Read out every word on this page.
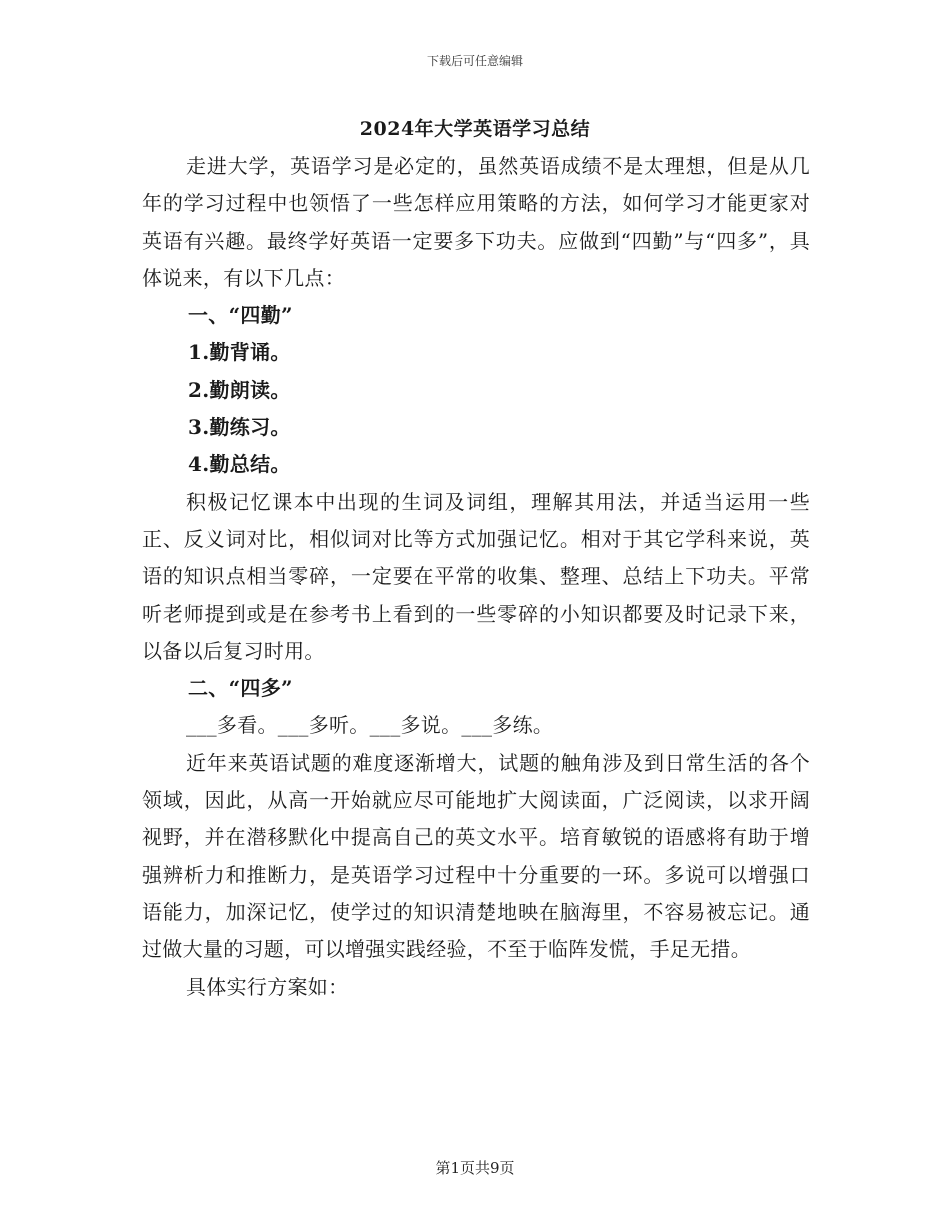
下载后可任意编辑
2024年大学英语学习总结

走进大学，英语学习是必定的，虽然英语成绩不是太理想，但是从几年的学习过程中也领悟了一些怎样应用策略的方法，如何学习才能更家对英语有兴趣。最终学好英语一定要多下功夫。应做到“四勤”与“四多”，具体说来，有以下几点：

一、“四勤”

1.勤背诵。

2.勤朗读。

3.勤练习。

4.勤总结。

积极记忆课本中出现的生词及词组，理解其用法，并适当运用一些正、反义词对比，相似词对比等方式加强记忆。相对于其它学科来说，英语的知识点相当零碎，一定要在平常的收集、整理、总结上下功夫。平常听老师提到或是在参考书上看到的一些零碎的小知识都要及时记录下来，以备以后复习时用。

二、“四多”

___多看。___多听。___多说。___多练。

近年来英语试题的难度逐渐增大，试题的触角涉及到日常生活的各个领域，因此，从高一开始就应尽可能地扩大阅读面，广泛阅读，以求开阔视野，并在潜移默化中提高自己的英文水平。培育敏锐的语感将有助于增强辨析力和推断力，是英语学习过程中十分重要的一环。多说可以增强口语能力，加深记忆，使学过的知识清楚地映在脑海里，不容易被忘记。通过做大量的习题，可以增强实践经验，不至于临阵发慌，手足无措。

具体实行方案如：

第1页共9页
